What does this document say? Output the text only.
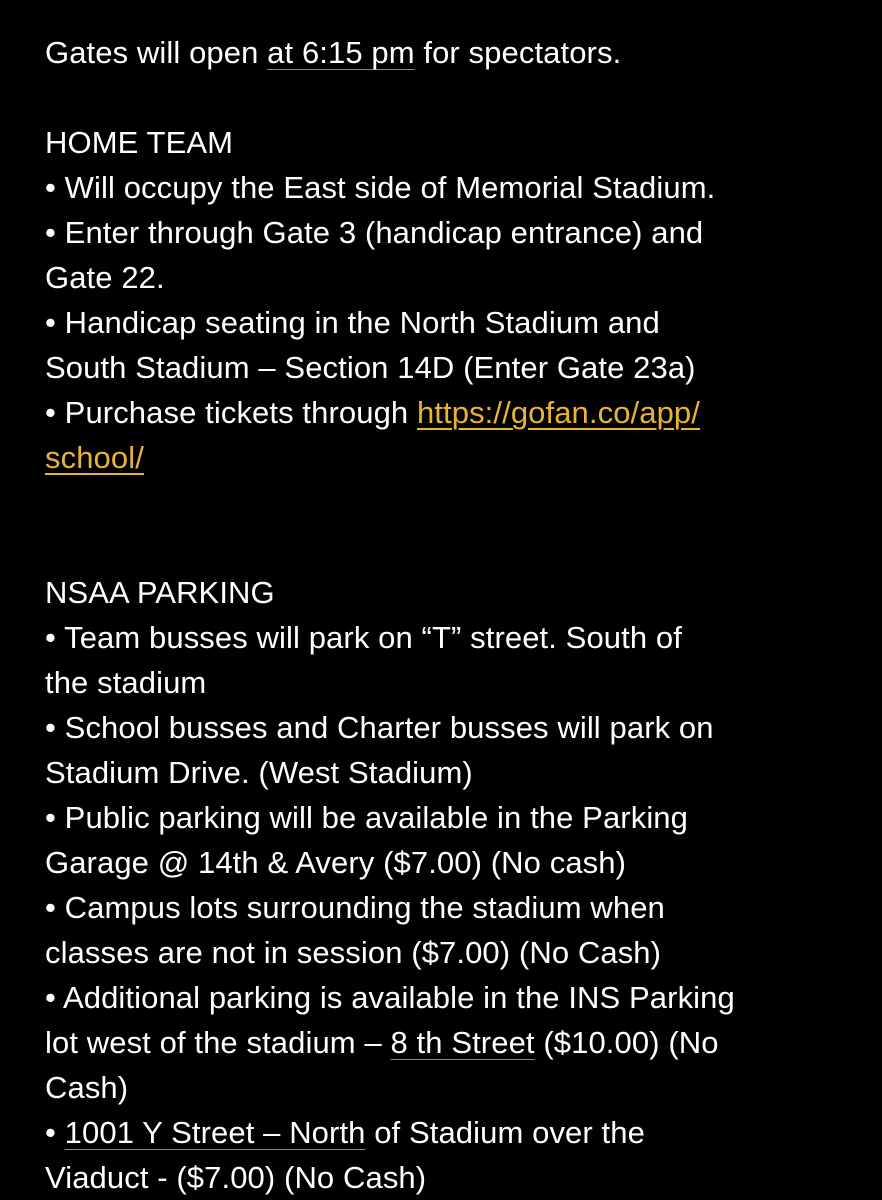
Gates will open at 6:15 pm for spectators.
HOME TEAM
• Will occupy the East side of Memorial Stadium.
• Enter through Gate 3 (handicap entrance) and
Gate 22.
• Handicap seating in the North Stadium and
South Stadium – Section 14D (Enter Gate 23a)
• Purchase tickets through https://gofan.co/app/
school/
NSAA PARKING
• Team busses will park on “T” street. South of
the stadium
• School busses and Charter busses will park on
Stadium Drive. (West Stadium)
• Public parking will be available in the Parking
Garage @ 14th & Avery ($7.00) (No cash)
• Campus lots surrounding the stadium when
classes are not in session ($7.00) (No Cash)
• Additional parking is available in the INS Parking
lot west of the stadium – 8 th Street ($10.00) (No
Cash)
• 1001 Y Street – North of Stadium over the
Viaduct - ($7.00) (No Cash)
